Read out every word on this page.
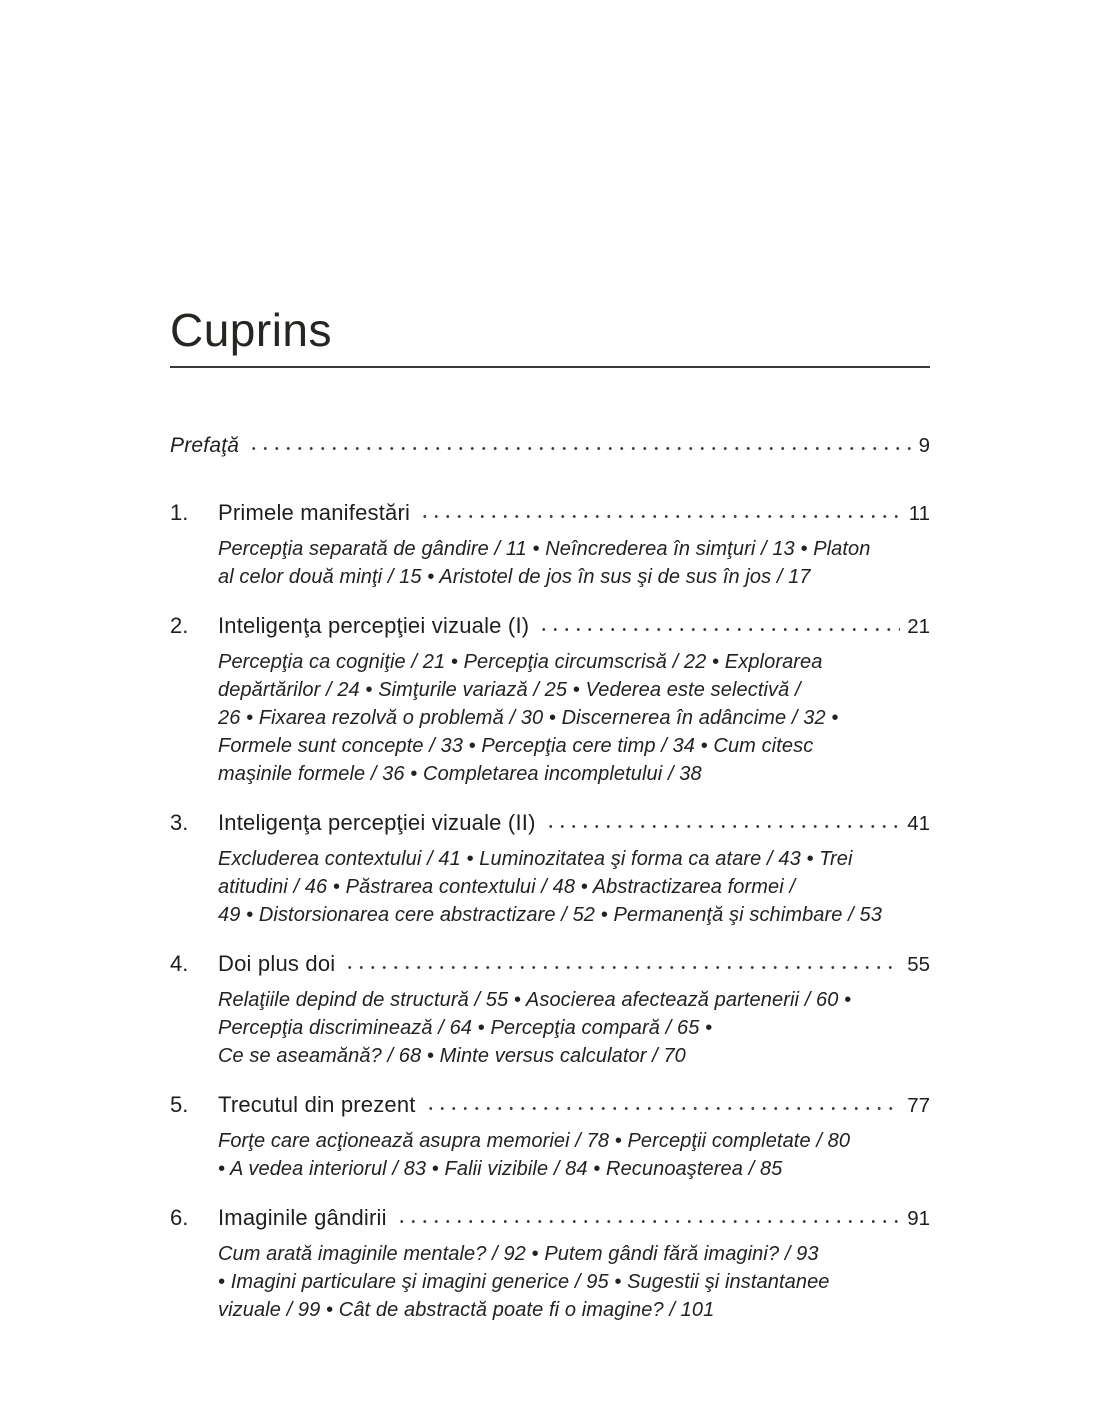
Cuprins
Prefaţă	9
1.	Primele manifestări	11
Percepţia separată de gândire / 11 • Neîncrederea în simţuri / 13 • Platon
al celor două minţi / 15 • Aristotel de jos în sus şi de sus în jos / 17
2.	Inteligenţa percepţiei vizuale (I)	21
Percepţia ca cogniţie / 21 • Percepţia circumscrisă / 22 • Explorarea
depărtărilor / 24 • Simţurile variază / 25 • Vederea este selectivă /
26 • Fixarea rezolvă o problemă / 30 • Discernerea în adâncime / 32 •
Formele sunt concepte / 33 • Percepţia cere timp / 34 • Cum citesc
maşinile formele / 36 • Completarea incompletului / 38
3.	Inteligenţa percepţiei vizuale (II)	41
Excluderea contextului / 41 • Luminozitatea şi forma ca atare / 43 • Trei
atitudini / 46 • Păstrarea contextului / 48 • Abstractizarea formei /
49 • Distorsionarea cere abstractizare / 52 • Permanenţă şi schimbare / 53
4.	Doi plus doi	55
Relaţiile depind de structură / 55 • Asocierea afectează partenerii / 60 •
Percepţia discriminează / 64 • Percepţia compară / 65 •
Ce se aseamănă? / 68 • Minte versus calculator / 70
5.	Trecutul din prezent	77
Forţe care acţionează asupra memoriei / 78 • Percepţii completate / 80
• A vedea interiorul / 83 • Falii vizibile / 84 • Recunoaşterea / 85
6.	Imaginile gândirii	91
Cum arată imaginile mentale? / 92 • Putem gândi fără imagini? / 93
• Imagini particulare şi imagini generice / 95 • Sugestii şi instantanee
vizuale / 99 • Cât de abstractă poate fi o imagine? / 101
